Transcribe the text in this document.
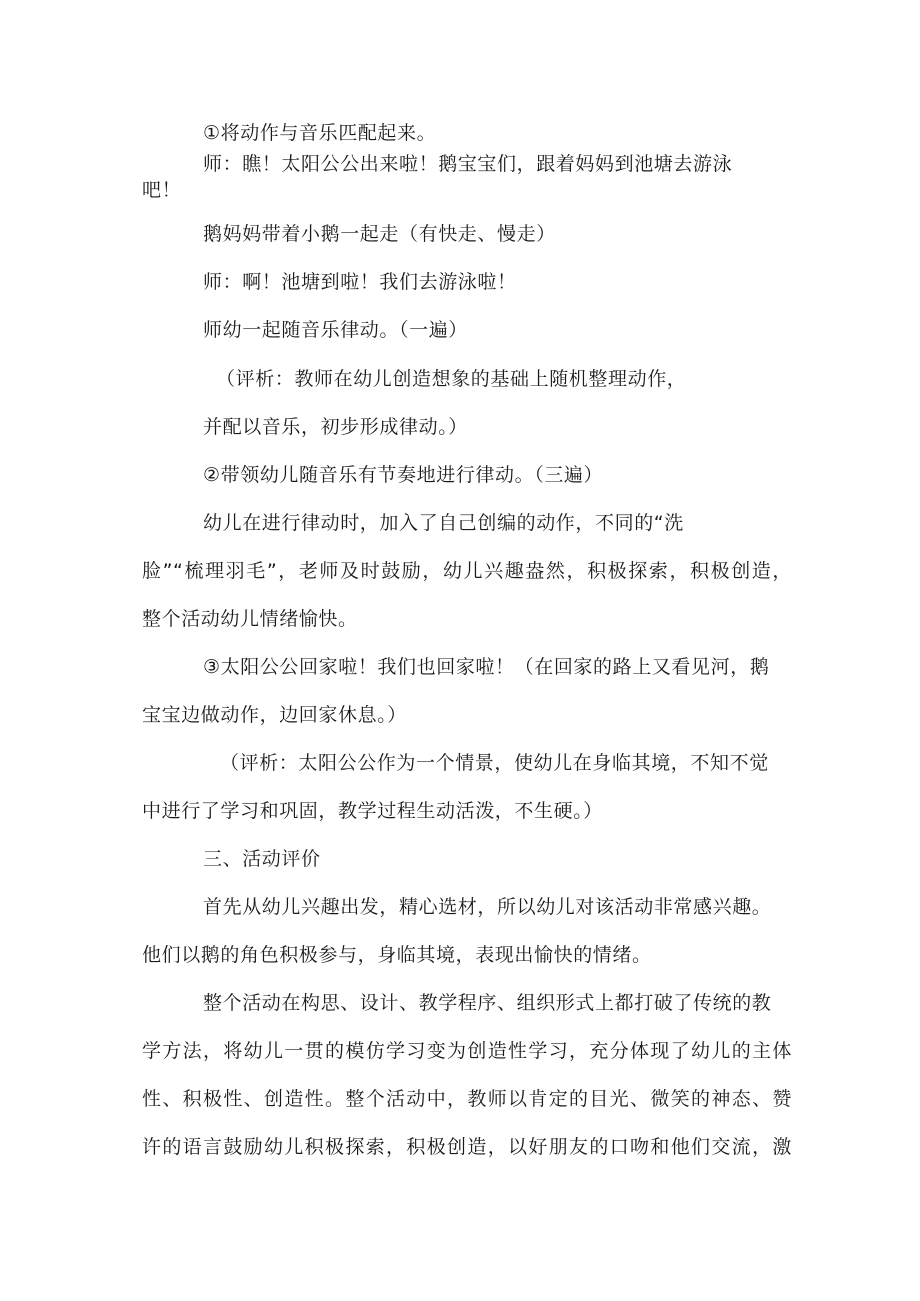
①将动作与音乐匹配起来。
师：瞧！太阳公公出来啦！鹅宝宝们，跟着妈妈到池塘去游泳
吧！
鹅妈妈带着小鹅一起走（有快走、慢走）
师：啊！池塘到啦！我们去游泳啦！
师幼一起随音乐律动。（一遍）
（评析：教师在幼儿创造想象的基础上随机整理动作，
并配以音乐，初步形成律动。）
②带领幼儿随音乐有节奏地进行律动。（三遍）
幼儿在进行律动时，加入了自己创编的动作，不同的“洗
脸”“梳理羽毛”，老师及时鼓励，幼儿兴趣盎然，积极探索，积极创造，
整个活动幼儿情绪愉快。
③太阳公公回家啦！我们也回家啦！（在回家的路上又看见河，鹅
宝宝边做动作，边回家休息。）
（评析：太阳公公作为一个情景，使幼儿在身临其境，不知不觉
中进行了学习和巩固，教学过程生动活泼，不生硬。）
三、活动评价
首先从幼儿兴趣出发，精心选材，所以幼儿对该活动非常感兴趣。
他们以鹅的角色积极参与，身临其境，表现出愉快的情绪。
整个活动在构思、设计、教学程序、组织形式上都打破了传统的教
学方法，将幼儿一贯的模仿学习变为创造性学习，充分体现了幼儿的主体
性、积极性、创造性。整个活动中，教师以肯定的目光、微笑的神态、赞
许的语言鼓励幼儿积极探索，积极创造，以好朋友的口吻和他们交流，激
